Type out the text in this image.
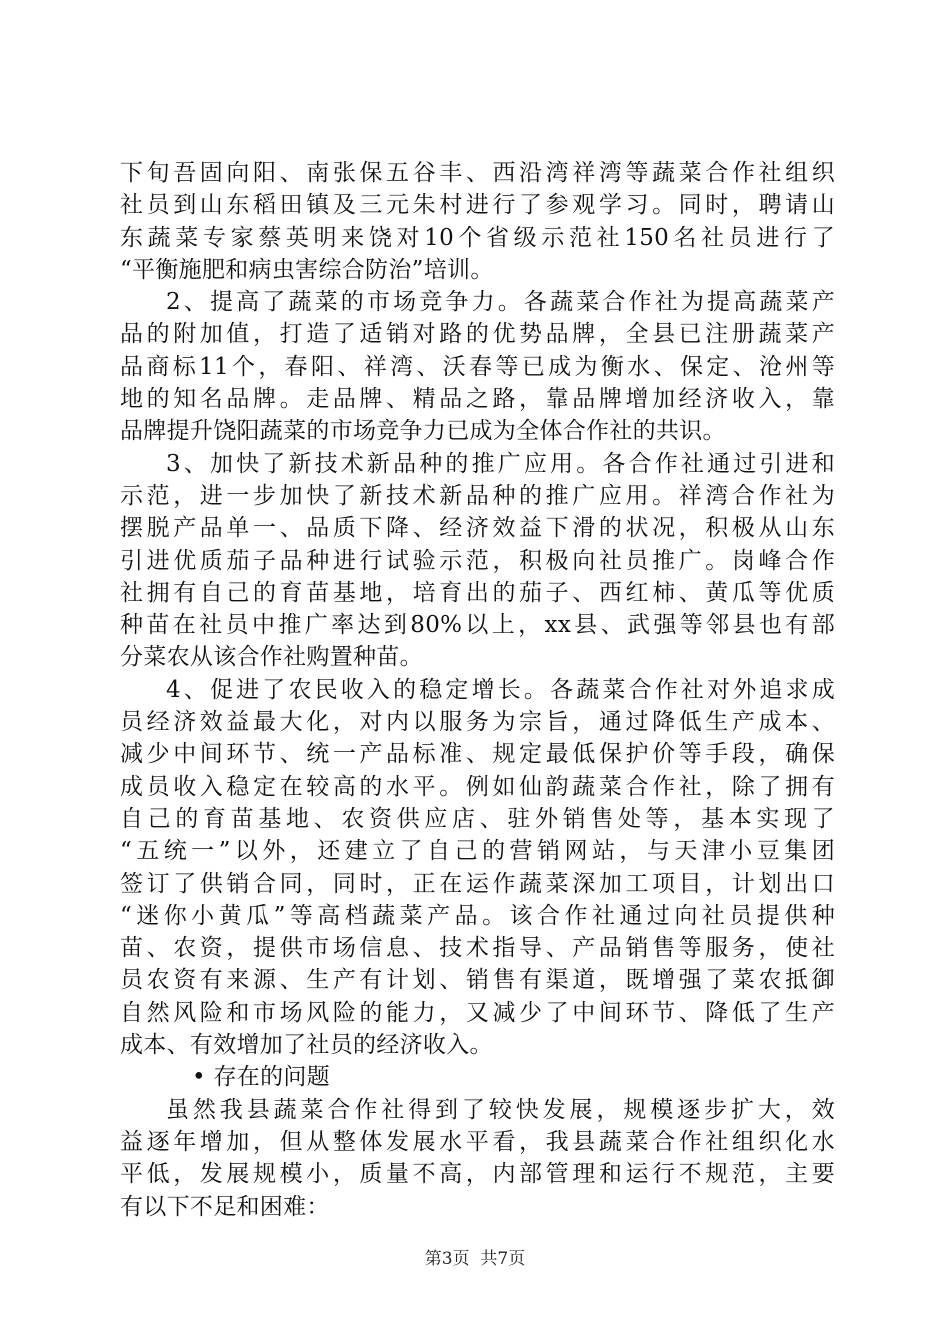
下旬吾固向阳、南张保五谷丰、西沿湾祥湾等蔬菜合作社组织
社员到山东稻田镇及三元朱村进行了参观学习。同时，聘请山
东蔬菜专家蔡英明来饶对10个省级示范社150名社员进行了
“平衡施肥和病虫害综合防治”培训。
2、提高了蔬菜的市场竞争力。各蔬菜合作社为提高蔬菜产
品的附加值，打造了适销对路的优势品牌，全县已注册蔬菜产
品商标11个，春阳、祥湾、沃春等已成为衡水、保定、沧州等
地的知名品牌。走品牌、精品之路，靠品牌增加经济收入，靠
品牌提升饶阳蔬菜的市场竞争力已成为全体合作社的共识。
3、加快了新技术新品种的推广应用。各合作社通过引进和
示范，进一步加快了新技术新品种的推广应用。祥湾合作社为
摆脱产品单一、品质下降、经济效益下滑的状况，积极从山东
引进优质茄子品种进行试验示范，积极向社员推广。岗峰合作
社拥有自己的育苗基地，培育出的茄子、西红柿、黄瓜等优质
种苗在社员中推广率达到80%以上，xx县、武强等邻县也有部
分菜农从该合作社购置种苗。
4、促进了农民收入的稳定增长。各蔬菜合作社对外追求成
员经济效益最大化，对内以服务为宗旨，通过降低生产成本、
减少中间环节、统一产品标准、规定最低保护价等手段，确保
成员收入稳定在较高的水平。例如仙韵蔬菜合作社，除了拥有
自己的育苗基地、农资供应店、驻外销售处等，基本实现了
“五统一”以外，还建立了自己的营销网站，与天津小豆集团
签订了供销合同，同时，正在运作蔬菜深加工项目，计划出口
“迷你小黄瓜”等高档蔬菜产品。该合作社通过向社员提供种
苗、农资，提供市场信息、技术指导、产品销售等服务，使社
员农资有来源、生产有计划、销售有渠道，既增强了菜农抵御
自然风险和市场风险的能力，又减少了中间环节、降低了生产
成本、有效增加了社员的经济收入。
• 存在的问题
虽然我县蔬菜合作社得到了较快发展，规模逐步扩大，效
益逐年增加，但从整体发展水平看，我县蔬菜合作社组织化水
平低，发展规模小，质量不高，内部管理和运行不规范，主要
有以下不足和困难：
第3页  共7页
